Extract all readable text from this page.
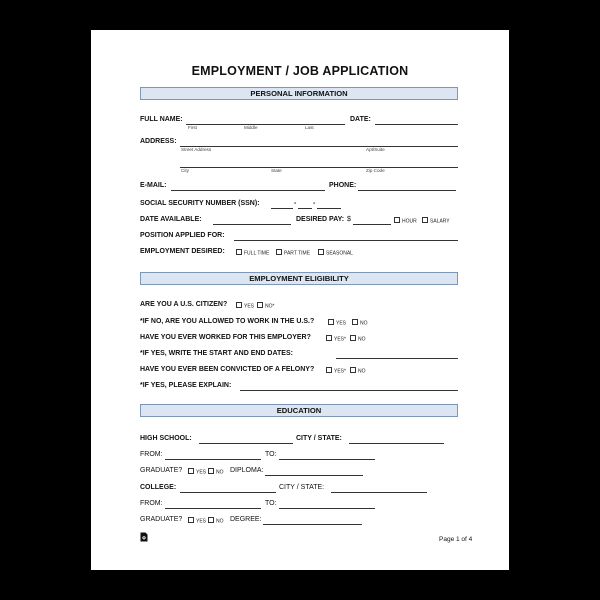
EMPLOYMENT / JOB APPLICATION
PERSONAL INFORMATION
FULL NAME:
First	Middle	Last
DATE:
ADDRESS:
Street Address	Apt/Suite
City	State	Zip Code
E-MAIL:	PHONE:
SOCIAL SECURITY NUMBER (SSN):	- -
DATE AVAILABLE:	DESIRED PAY: $	HOUR	SALARY
POSITION APPLIED FOR:
EMPLOYMENT DESIRED:	FULL TIME	PART TIME	SEASONAL
EMPLOYMENT ELIGIBILITY
ARE YOU A U.S. CITIZEN?	YES	NO*
*IF NO, ARE YOU ALLOWED TO WORK IN THE U.S.?	YES	NO
HAVE YOU EVER WORKED FOR THIS EMPLOYER?	YES*	NO
*IF YES, WRITE THE START AND END DATES:
HAVE YOU EVER BEEN CONVICTED OF A FELONY?	YES*	NO
*IF YES, PLEASE EXPLAIN:
EDUCATION
HIGH SCHOOL:	CITY / STATE:
FROM:	TO:
GRADUATE?	YES	NO DIPLOMA:
COLLEGE:	CITY / STATE:
FROM:	TO:
GRADUATE?	YES	NO DEGREE:
Page 1 of 4
